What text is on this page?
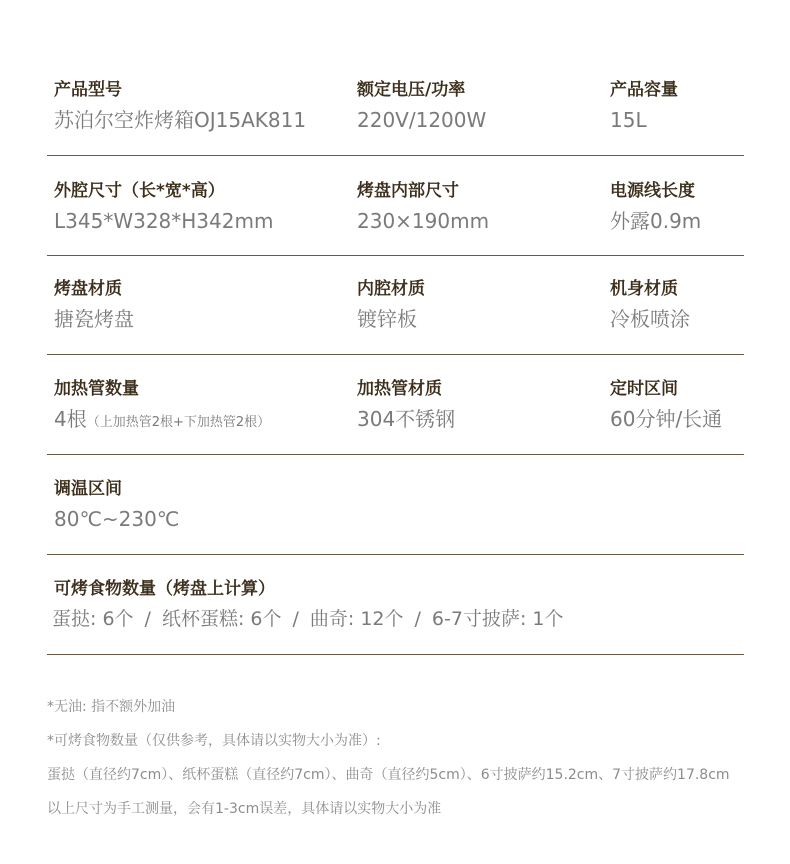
产品型号
苏泊尔空炸烤箱OJ15AK811
额定电压/功率
220V/1200W
产品容量
15L
外腔尺寸（长*宽*高）
L345*W328*H342mm
烤盘内部尺寸
230×190mm
电源线长度
外露0.9m
烤盘材质
搪瓷烤盘
内腔材质
镀锌板
机身材质
冷板喷涂
加热管数量
4根（上加热管2根+下加热管2根）
加热管材质
304不锈钢
定时区间
60分钟/长通
调温区间
80℃~230℃
可烤食物数量（烤盘上计算）
蛋挞: 6个 / 纸杯蛋糕: 6个 / 曲奇: 12个 / 6-7寸披萨: 1个
*无油: 指不额外加油
*可烤食物数量（仅供参考，具体请以实物大小为准）:
蛋挞（直径约7cm）、纸杯蛋糕（直径约7cm）、曲奇（直径约5cm）、6寸披萨约15.2cm、7寸披萨约17.8cm
以上尺寸为手工测量，会有1-3cm误差，具体请以实物大小为准
